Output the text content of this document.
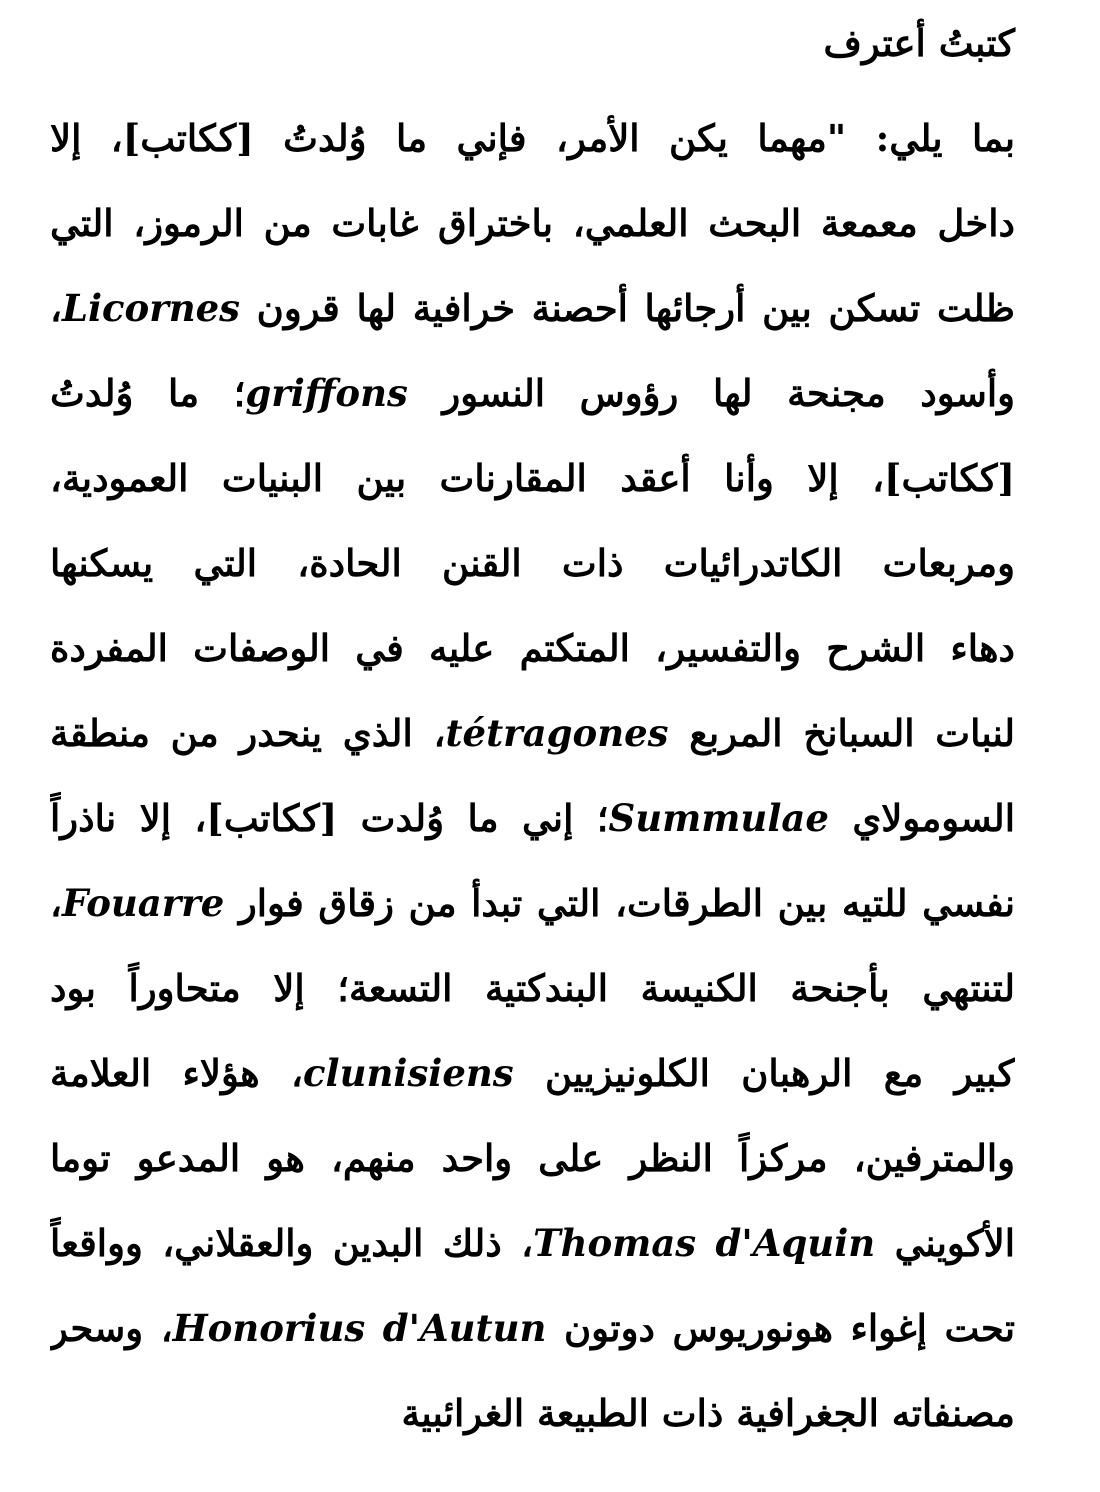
كتبتُ أعترف
بما يلي: "مهما يكن الأمر، فإني ما وُلدتُ [ككاتب]، إلا
داخل معمعة البحث العلمي، باختراق غابات من الرموز، التي
ظلت تسكن بين أرجائها أحصنة خرافية لها قرون Licornes،
وأسود مجنحة لها رؤوس النسور griffons؛ ما وُلدتُ
[ككاتب]، إلا وأنا أعقد المقارنات بين البنيات العمودية،
ومربعات الكاتدرائيات ذات القنن الحادة، التي يسكنها
دهاء الشرح والتفسير، المتكتم عليه في الوصفات المفردة
لنبات السبانخ المربع tétragones، الذي ينحدر من منطقة
السومولاي Summulae؛ إني ما وُلدت [ككاتب]، إلا ناذراً
نفسي للتيه بين الطرقات، التي تبدأ من زقاق فوار Fouarre،
لتنتهي بأجنحة الكنيسة البندكتية التسعة؛ إلا متحاوراً بود
كبير مع الرهبان الكلونيزيين clunisiens، هؤلاء العلامة
والمترفين، مركزاً النظر على واحد منهم، هو المدعو توما
الأكويني Thomas d'Aquin، ذلك البدين والعقلاني، وواقعاً
تحت إغواء هونوريوس دوتون Honorius d'Autun، وسحر
مصنفاته الجغرافية ذات الطبيعة الغرائبية
